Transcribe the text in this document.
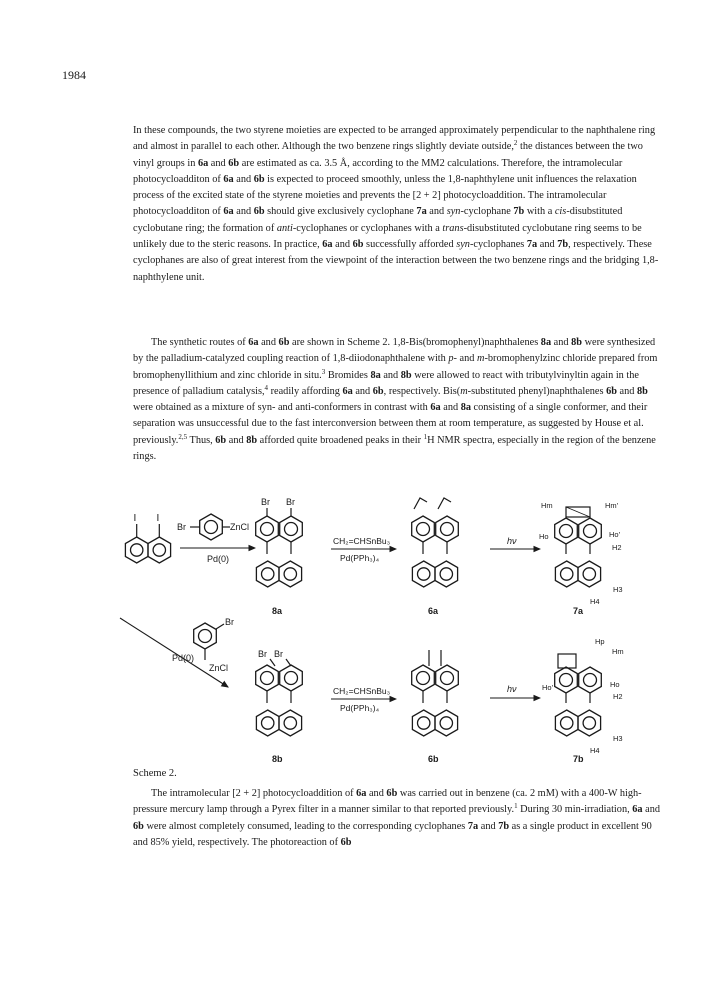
1984

In these compounds, the two styrene moieties are expected to be arranged approximately perpendicular to the naphthalene ring and almost in parallel to each other. Although the two benzene rings slightly deviate outside,$^2$ the distances between the two vinyl groups in 6a and 6b are estimated as ca. 3.5 Å, according to the MM2 calculations. Therefore, the intramolecular photocycloadditon of 6a and 6b is expected to proceed smoothly, unless the 1,8-naphthylene unit influences the relaxation process of the excited state of the styrene moieties and prevents the [2 + 2] photocycloaddition. The intramolecular photocycloadditon of 6a and 6b should give exclusively cyclophane 7a and syn-cyclophane 7b with a cis-disubstituted cyclobutane ring; the formation of anti-cyclophanes or cyclophanes with a trans-disubstituted cyclobutane ring seems to be unlikely due to the steric reasons. In practice, 6a and 6b successfully afforded syn-cyclophanes 7a and 7b, respectively. These cyclophanes are also of great interest from the viewpoint of the interaction between the two benzene rings and the bridging 1,8-naphthylene unit.

The synthetic routes of 6a and 6b are shown in Scheme 2. 1,8-Bis(bromophenyl)naphthalenes 8a and 8b were synthesized by the palladium-catalyzed coupling reaction of 1,8-diiodonaphthalene with p- and m-bromophenylzinc chloride prepared from bromophenyllithium and zinc chloride in situ.$^3$ Bromides 8a and 8b were allowed to react with tributylvinyltin again in the presence of palladium catalysis,$^4$ readily affording 6a and 6b, respectively. Bis(m-substituted phenyl)naphthalenes 6b and 8b were obtained as a mixture of syn- and anti-conformers in contrast with 6a and 8a consisting of a single conformer, and their separation was unsuccessful due to the fast interconversion between them at room temperature, as suggested by House et al. previously.$^{2,5}$ Thus, 6b and 8b afforded quite broadened peaks in their $^1$H NMR spectra, especially in the region of the benzene rings.

I I
Br	ZnCl
Pd(0)
Br Br
8a
CH₂=CHSnBu₃
Pd(PPh₃)₄
6a
hν
Hm	Hm'
Ho	Ho'
H2
H3
H4
7a
Br
ZnCl
Pd(0)	Br Br
8b
CH₂=CHSnBu₃
Pd(PPh₃)₄
6b
hν
Hp
Hm
Ho'	Ho
H2
H3
H4
7b
Scheme 2.

The intramolecular [2 + 2] photocycloaddition of 6a and 6b was carried out in benzene (ca. 2 mM) with a 400-W high-pressure mercury lamp through a Pyrex filter in a manner similar to that reported previously.$^1$ During 30 min-irradiation, 6a and 6b were almost completely consumed, leading to the corresponding cyclophanes 7a and 7b as a single product in excellent 90 and 85% yield, respectively. The photoreaction of 6b
